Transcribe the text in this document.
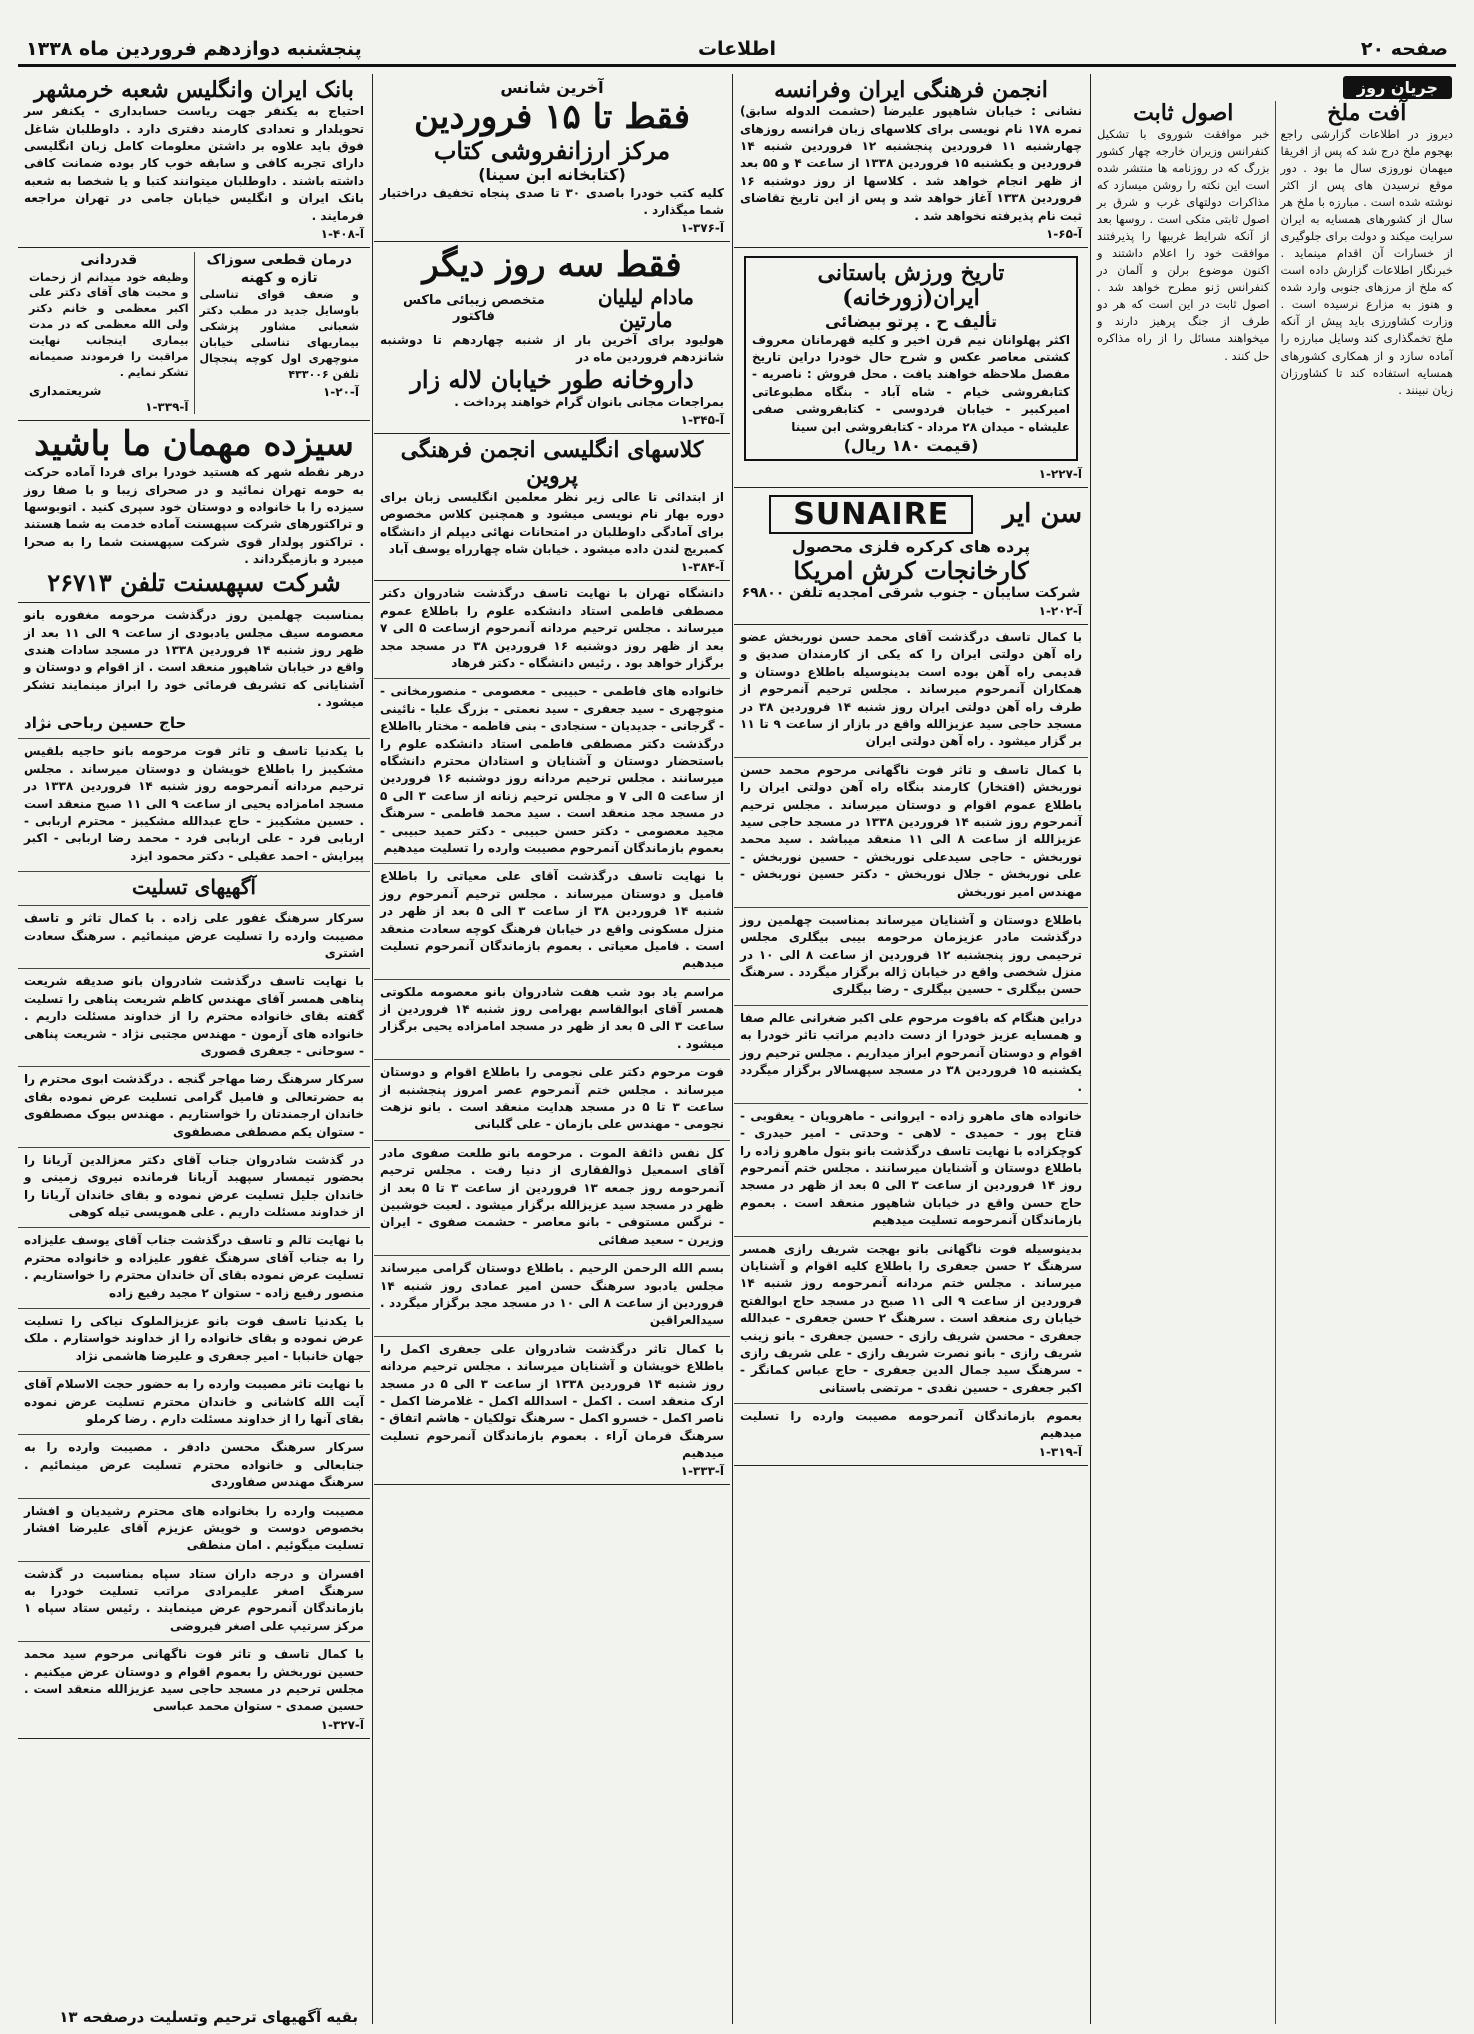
صفحه ۲۰
اطلاعات
پنجشنبه دوازدهم فروردین ماه ۱۳۳۸
جریان روز
آفت ملخ
دیروز در اطلاعات گزارشی راجع بهجوم ملخ درج شد که پس از افریقا میهمان نوروزی سال ما بود . دور موقع نرسیدن های پس از اکثر نوشته شده است . مبارزه با ملخ هر سال از کشورهای همسایه به ایران سرایت میکند و دولت برای جلوگیری از خسارات آن اقدام مینماید . خبرنگار اطلاعات گزارش داده است که ملخ از مرزهای جنوبی وارد شده و هنوز به مزارع نرسیده است . وزارت کشاورزی باید پیش از آنکه ملخ تخمگذاری کند وسایل مبارزه را آماده سازد و از همکاری کشورهای همسایه استفاده کند تا کشاورزان زیان نبینند .
اصول ثابت
خبر موافقت شوروی با تشکیل کنفرانس وزیران خارجه چهار کشور بزرگ که در روزنامه ها منتشر شده است این نکته را روشن میسازد که مذاکرات دولتهای غرب و شرق بر اصول ثابتی متکی است . روسها بعد از آنکه شرایط غربیها را پذیرفتند موافقت خود را اعلام داشتند و اکنون موضوع برلن و آلمان در کنفرانس ژنو مطرح خواهد شد . اصول ثابت در این است که هر دو طرف از جنگ پرهیز دارند و میخواهند مسائل را از راه مذاکره حل کنند .
انجمن فرهنگی ایران وفرانسه
نشانی : خیابان شاهپور علیرضا (حشمت الدوله سابق) نمره ۱۷۸ نام نویسی برای کلاسهای زبان فرانسه روزهای چهارشنبه ۱۱ فروردین پنجشنبه ۱۲ فروردین شنبه ۱۴ فروردین و یکشنبه ۱۵ فروردین ۱۳۳۸ از ساعت ۴ و ۵۵ بعد از ظهر انجام خواهد شد . کلاسها از روز دوشنبه ۱۶ فروردین ۱۳۳۸ آغاز خواهد شد و پس از این تاریخ تقاضای ثبت نام پذیرفته نخواهد شد .
آ-۶۵-۱
تاریخ ورزش باستانی ایران(زورخانه)
تألیف ح . پرتو بیضائی
اکثر پهلوانان نیم قرن اخیر و کلیه قهرمانان معروف کشتی معاصر عکس و شرح حال خودرا دراین تاریخ مفصل ملاحظه خواهند یافت . محل فروش : ناصریه - کتابفروشی خیام - شاه آباد - بنگاه مطبوعاتی امیرکبیر - خیابان فردوسی - کتابفروشی صفی علیشاه - میدان ۲۸ مرداد - کتابفروشی ابن سینا
(قیمت ۱۸۰ ریال)
آ-۲۲۷-۱
سن ایر
SUNAIRE
پرده های کرکره فلزی محصول
کارخانجات کرش امریکا
شرکت سایبان - جنوب شرقی امجدیه تلفن ۶۹۸۰۰
آ-۲۰۲-۱
با کمال تاسف درگذشت آقای محمد حسن نوربخش عضو راه آهن دولتی ایران را که یکی از کارمندان صدیق و قدیمی راه آهن بوده است بدینوسیله باطلاع دوستان و همکاران آنمرحوم میرساند . مجلس ترحیم آنمرحوم از طرف راه آهن دولتی ایران روز شنبه ۱۴ فروردین ۳۸ در مسجد حاجی سید عزیزالله واقع در بازار از ساعت ۹ تا ۱۱ بر گزار میشود . راه آهن دولتی ایران
با کمال تاسف و تاثر فوت ناگهانی مرحوم محمد حسن نوربخش (افتخار) کارمند بنگاه راه آهن دولتی ایران را باطلاع عموم اقوام و دوستان میرساند . مجلس ترحیم آنمرحوم روز شنبه ۱۴ فروردین ۱۳۳۸ در مسجد حاجی سید عزیزالله از ساعت ۸ الی ۱۱ منعقد میباشد . سید محمد نوربخش - حاجی سیدعلی نوربخش - حسین نوربخش - علی نوربخش - جلال نوربخش - دکتر حسین نوربخش - مهندس امیر نوربخش
باطلاع دوستان و آشنایان میرساند بمناسبت چهلمین روز درگذشت مادر عزیزمان مرحومه بیبی بیگلری مجلس ترحیمی روز پنجشنبه ۱۲ فروردین از ساعت ۸ الی ۱۰ در منزل شخصی واقع در خیابان ژاله برگزار میگردد . سرهنگ حسن بیگلری - حسین بیگلری - رضا بیگلری
دراین هنگام که بافوت مرحوم علی اکبر ضغرانی عالم صفا و همسایه عزیز خودرا از دست دادیم مراتب تاثر خودرا به اقوام و دوستان آنمرحوم ابراز میداریم . مجلس ترحیم روز یکشنبه ۱۵ فروردین ۳۸ در مسجد سپهسالار برگزار میگردد .
خانواده های ماهرو زاده - ایروانی - ماهرویان - یعقوبی - فتاح پور - حمیدی - لاهی - وحدتی - امیر حیدری - کوچکزاده با نهایت تاسف درگذشت بانو بتول ماهرو زاده را باطلاع دوستان و آشنایان میرسانند . مجلس ختم آنمرحوم روز ۱۴ فروردین از ساعت ۳ الی ۵ بعد از ظهر در مسجد حاج حسن واقع در خیابان شاهپور منعقد است . بعموم بازماندگان آنمرحومه تسلیت میدهیم
بدینوسیله فوت ناگهانی بانو بهجت شریف رازی همسر سرهنگ ۲ حسن جعفری را باطلاع کلیه اقوام و آشنایان میرساند . مجلس ختم مردانه آنمرحومه روز شنبه ۱۴ فروردین از ساعت ۹ الی ۱۱ صبح در مسجد حاج ابوالفتح خیابان ری منعقد است . سرهنگ ۲ حسن جعفری - عبدالله جعفری - محسن شریف رازی - حسین جعفری - بانو زینب شریف رازی - بانو نصرت شریف رازی - علی شریف رازی - سرهنگ سید جمال الدین جعفری - حاج عباس کمانگر - اکبر جعفری - حسین نقدی - مرتضی باستانی
بعموم بازماندگان آنمرحومه مصیبت وارده را تسلیت میدهیم
آ-۳۱۹-۱
آخرین شانس
فقط تا ۱۵ فروردین
مرکز ارزانفروشی کتاب
(کتابخانه ابن سینا)
کلیه کتب خودرا باصدی ۳۰ تا صدی پنجاه تخفیف دراختیار شما میگذارد .
آ-۳۷۶-۱
فقط سه روز دیگر
مادام لیلیان مارتین
متخصص زیبائی ماکس فاکتور
هولیود برای آخرین بار از شنبه چهاردهم تا دوشنبه شانزدهم فروردین ماه در
داروخانه طور خیابان لاله زار
بمراجعات مجانی بانوان گرام خواهند پرداخت .
آ-۳۴۵-۱
کلاسهای انگلیسی انجمن فرهنگی پروین
از ابتدائی تا عالی زیر نظر معلمین انگلیسی زبان برای دوره بهار نام نویسی میشود و همچنین کلاس مخصوص برای آمادگی داوطلبان در امتحانات نهائی دیپلم از دانشگاه کمبریج لندن داده میشود . خیابان شاه چهارراه یوسف آباد
آ-۳۸۴-۱
دانشگاه تهران با نهایت تاسف درگذشت شادروان دکتر مصطفی فاطمی استاد دانشکده علوم را باطلاع عموم میرساند . مجلس ترحیم مردانه آنمرحوم ازساعت ۵ الی ۷ بعد از ظهر روز دوشنبه ۱۶ فروردین ۳۸ در مسجد مجد برگزار خواهد بود . رئیس دانشگاه - دکتر فرهاد
خانواده های فاطمی - حبیبی - معصومی - منصورمخانی - منوچهری - سید جعفری - سید نعمتی - بزرگ علیا - نائینی - گرجانی - جدیدیان - سنجادی - بنی فاطمه - مختار بااطلاع درگذشت دکتر مصطفی فاطمی استاد دانشکده علوم را باستحضار دوستان و آشنایان و استادان محترم دانشگاه میرسانند . مجلس ترحیم مردانه روز دوشنبه ۱۶ فروردین از ساعت ۵ الی ۷ و مجلس ترحیم زنانه از ساعت ۳ الی ۵ در مسجد مجد منعقد است . سید محمد فاطمی - سرهنگ مجید معصومی - دکتر حسن حبیبی - دکتر حمید حبیبی - بعموم بازماندگان آنمرحوم مصیبت وارده را تسلیت میدهیم
با نهایت تاسف درگذشت آقای علی معیاتی را باطلاع فامیل و دوستان میرساند . مجلس ترحیم آنمرحوم روز شنبه ۱۴ فروردین ۳۸ از ساعت ۳ الی ۵ بعد از ظهر در منزل مسکونی واقع در خیابان فرهنگ کوچه سعادت منعقد است . فامیل معیاتی . بعموم بازماندگان آنمرحوم تسلیت میدهیم
مراسم یاد بود شب هفت شادروان بانو معصومه ملکوتی همسر آقای ابوالقاسم بهرامی روز شنبه ۱۴ فروردین از ساعت ۳ الی ۵ بعد از ظهر در مسجد امامزاده یحیی برگزار میشود .
فوت مرحوم دکتر علی نجومی را باطلاع اقوام و دوستان میرساند . مجلس ختم آنمرحوم عصر امروز پنجشنبه از ساعت ۳ تا ۵ در مسجد هدایت منعقد است . بانو نزهت نجومی - مهندس علی بازمان - علی گلبانی
کل نفس ذائقة الموت . مرحومه بانو طلعت صفوی مادر آقای اسمعیل ذوالفقاری از دنیا رفت . مجلس ترحیم آنمرحومه روز جمعه ۱۳ فروردین از ساعت ۳ تا ۵ بعد از ظهر در مسجد سید عزیزالله برگزار میشود . لعبت خوشبین - نرگس مستوفی - بانو معاصر - حشمت صفوی - ایران وزیرن - سعید صفائی
بسم الله الرحمن الرحیم . باطلاع دوستان گرامی میرساند مجلس یادبود سرهنگ حسن امیر عمادی روز شنبه ۱۴ فروردین از ساعت ۸ الی ۱۰ در مسجد مجد برگزار میگردد . سیدالعراقین
با کمال تاثر درگذشت شادروان علی جعفری اکمل را باطلاع خویشان و آشنایان میرساند . مجلس ترحیم مردانه روز شنبه ۱۴ فروردین ۱۳۳۸ از ساعت ۳ الی ۵ در مسجد ارک منعقد است . اکمل - اسدالله اکمل - غلامرضا اکمل - ناصر اکمل - خسرو اکمل - سرهنگ تولکیان - هاشم اتفاق - سرهنگ فرمان آراء . بعموم بازماندگان آنمرحوم تسلیت میدهیم
آ-۳۳۳-۱
بانک ایران وانگلیس شعبه خرمشهر
احتیاج به یکنفر جهت ریاست حسابداری - یکنفر سر تحویلدار و تعدادی کارمند دفتری دارد . داوطلبان شاغل فوق باید علاوه بر داشتن معلومات کامل زبان انگلیسی دارای تجربه کافی و سابقه خوب کار بوده ضمانت کافی داشته باشند . داوطلبان میتوانند کتبا و یا شخصا به شعبه بانک ایران و انگلیس خیابان جامی در تهران مراجعه فرمایند .
آ-۴۰۸-۱
درمان قطعی سوزاک تازه و کهنه
و ضعف قوای تناسلی باوسایل جدید در مطب دکتر شعبانی مشاور پزشکی بیماریهای تناسلی خیابان منوچهری اول کوچه پنجچال تلفن ۴۳۳۰۰۶
آ-۲۰-۱
قدردانی
وظیفه خود میدانم از زحمات و محبت های آقای دکتر علی اکبر معظمی و خانم دکتر ولی الله معظمی که در مدت بیماری اینجانب نهایت مراقبت را فرمودند صمیمانه تشکر نمایم .
شریعتمداری
آ-۳۳۹-۱
سیزده مهمان ما باشید
درهر نقطه شهر که هستید خودرا برای فردا آماده حرکت به حومه تهران نمائید و در صحرای زیبا و با صفا روز سیزده را با خانواده و دوستان خود سپری کنید . اتوبوسها و تراکتورهای شرکت سپهسنت آماده خدمت به شما هستند . تراکتور پولدار قوی شرکت سپهسنت شما را به صحرا میبرد و بازمیگرداند .
شرکت سپهسنت تلفن ۲۶۷۱۳
بمناسبت چهلمین روز درگذشت مرحومه مغفوره بانو معصومه سیف مجلس یادبودی از ساعت ۹ الی ۱۱ بعد از ظهر روز شنبه ۱۴ فروردین ۱۳۳۸ در مسجد سادات هندی واقع در خیابان شاهپور منعقد است . از اقوام و دوستان و آشنایانی که تشریف فرمائی خود را ابراز مینمایند تشکر میشود .
حاج حسین رباحی نژاد
با یکدنیا تاسف و تاثر فوت مرحومه بانو حاجیه بلقیس مشکیبز را باطلاع خویشان و دوستان میرساند . مجلس ترحیم مردانه آنمرحومه روز شنبه ۱۴ فروردین ۱۳۳۸ در مسجد امامزاده یحیی از ساعت ۹ الی ۱۱ صبح منعقد است . حسین مشکیبز - حاج عبدالله مشکیبز - محترم اربابی - اربابی فرد - علی اربابی فرد - محمد رضا اربابی - اکبر پیرایش - احمد عقیلی - دکتر محمود ایزد
آگهیهای تسلیت
سرکار سرهنگ غفور علی زاده . با کمال تاثر و تاسف مصیبت وارده را تسلیت عرض مینمائیم . سرهنگ سعادت اشتری
با نهایت تاسف درگذشت شادروان بانو صدیقه شریعت پناهی همسر آقای مهندس کاظم شریعت پناهی را تسلیت گفته بقای خانواده محترم را از خداوند مسئلت داریم . خانواده های آزمون - مهندس مجتبی نژاد - شریعت پناهی - سوحانی - جعفری قصوری
سرکار سرهنگ رضا مهاجر گنجه . درگذشت ابوی محترم را به حضرتعالی و فامیل گرامی تسلیت عرض نموده بقای خاندان ارجمندتان را خواستاریم . مهندس بیوک مصطفوی - ستوان یکم مصطفی مصطفوی
در گذشت شادروان جناب آقای دکتر معزالدین آریانا را بحضور تیمسار سپهبد آریانا فرمانده نیروی زمینی و خاندان جلیل تسلیت عرض نموده و بقای خاندان آریانا را از خداوند مسئلت داریم . علی همویسی تیله کوهی
با نهایت تالم و تاسف درگذشت جناب آقای یوسف علیزاده را به جناب آقای سرهنگ غفور علیزاده و خانواده محترم تسلیت عرض نموده بقای آن خاندان محترم را خواستاریم . منصور رفیع زاده - ستوان ۲ مجید رفیع زاده
با یکدنیا تاسف فوت بانو عزیزالملوک نیاکی را تسلیت عرض نموده و بقای خانواده را از خداوند خواستارم . ملک جهان خانبابا - امیر جعفری و علیرضا هاشمی نژاد
با نهایت تاثر مصیبت وارده را به حضور حجت الاسلام آقای آیت الله کاشانی و خاندان محترم تسلیت عرض نموده بقای آنها را از خداوند مسئلت دارم . رضا کرملو
سرکار سرهنگ محسن دادفر . مصیبت وارده را به جنابعالی و خانواده محترم تسلیت عرض مینمائیم . سرهنگ مهندس صفاوردی
مصیبت وارده را بخانواده های محترم رشیدیان و افشار بخصوص دوست و خویش عزیزم آقای علیرضا افشار تسلیت میگوئیم . امان منطقی
افسران و درجه داران ستاد سپاه بمناسبت در گذشت سرهنگ اصغر علیمرادی مراتب تسلیت خودرا به بازماندگان آنمرحوم عرض مینمایند . رئیس ستاد سپاه ۱ مرکز سرتیپ علی اصغر فیروضی
با کمال تاسف و تاثر فوت ناگهانی مرحوم سید محمد حسین نوربخش را بعموم اقوام و دوستان عرض میکنیم . مجلس ترحیم در مسجد حاجی سید عزیزالله منعقد است . حسین صمدی - ستوان محمد عباسی
آ-۳۲۷-۱
بقیه آگهیهای ترحیم وتسلیت درصفحه ۱۳
